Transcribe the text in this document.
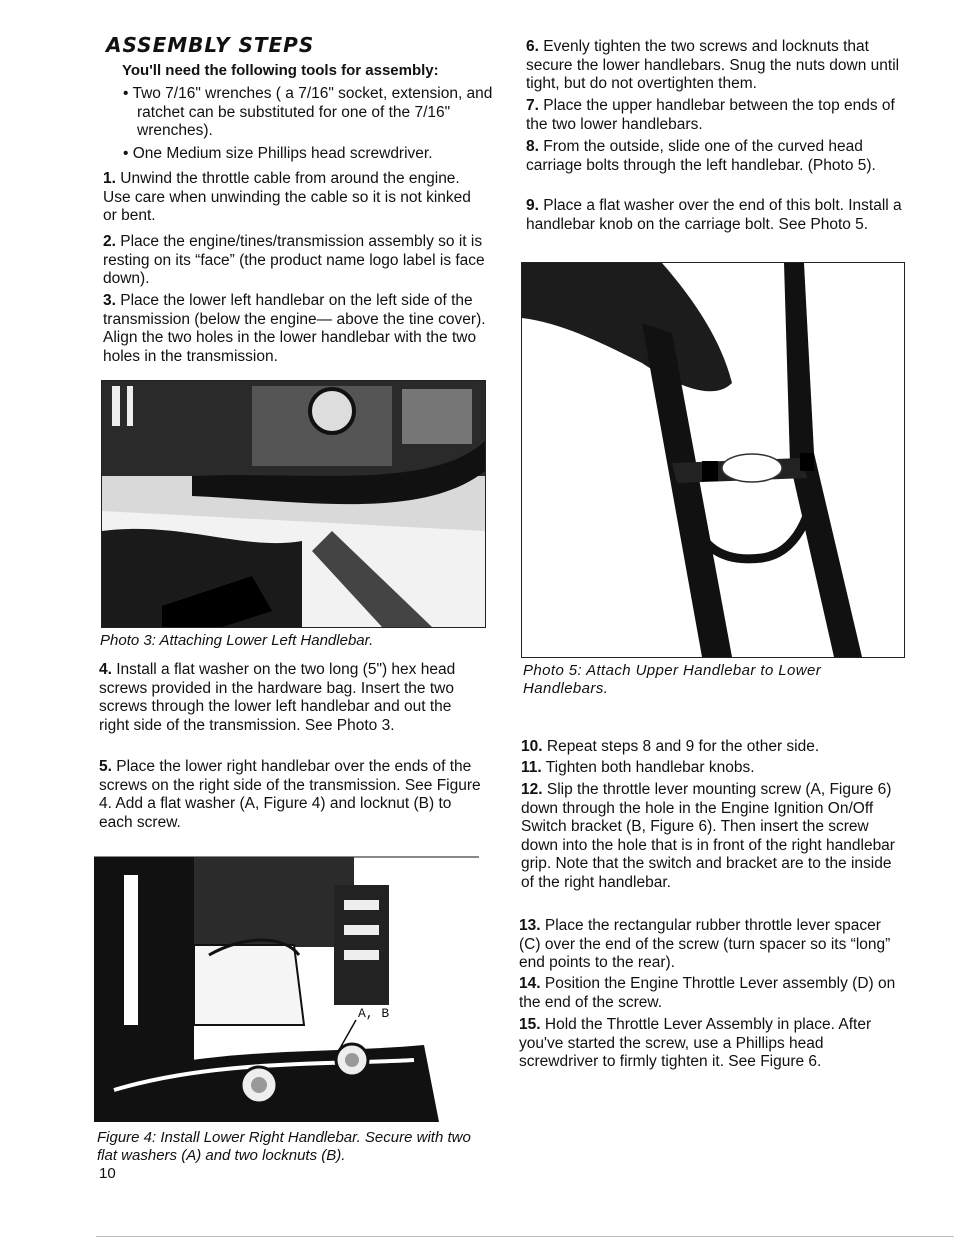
ASSEMBLY STEPS
You'll need the following tools for assembly:

• Two 7/16" wrenches ( a 7/16" socket, extension, and ratchet can be substituted for one of the 7/16" wrenches).

• One Medium size Phillips head screwdriver.

1. Unwind the throttle cable from around the engine. Use care when unwinding the cable so it is not kinked or bent.

2. Place the engine/tines/transmission assembly so it is resting on its “face” (the product name logo label is face down).

3. Place the lower left handlebar on the left side of the transmission (below the engine— above the tine cover). Align the two holes in the lower handlebar with the two holes in the transmission.

Photo 3: Attaching Lower Left Handlebar.

4. Install a flat washer on the two long (5") hex head screws provided in the hardware bag. Insert the two screws through the lower left handlebar and out the right side of the transmission. See Photo 3.

5. Place the lower right handlebar over the ends of the screws on the right side of the transmission. See Figure 4. Add a flat washer (A, Figure 4) and locknut (B) to each screw.

A, B

Figure 4: Install Lower Right Handlebar. Secure with two flat washers (A) and two locknuts (B).

10

6. Evenly tighten the two screws and locknuts that secure the lower handlebars. Snug the nuts down until tight, but do not overtighten them.

7. Place the upper handlebar between the top ends of the two lower handlebars.

8. From the outside, slide one of the curved head carriage bolts through the left handlebar. (Photo 5).

9. Place a flat washer over the end of this bolt. Install a handlebar knob on the carriage bolt. See Photo 5.

Photo 5: Attach Upper Handlebar to Lower Handlebars.

10. Repeat steps 8 and 9 for the other side.

11. Tighten both handlebar knobs.

12. Slip the throttle lever mounting screw (A, Figure 6) down through the hole in the Engine Ignition On/Off Switch bracket (B, Figure 6). Then insert the screw down into the hole that is in front of the right handlebar grip. Note that the switch and bracket are to the inside of the right handlebar.

13. Place the rectangular rubber throttle lever spacer (C) over the end of the screw (turn spacer so its “long” end points to the rear).

14. Position the Engine Throttle Lever assembly (D) on the end of the screw.

15. Hold the Throttle Lever Assembly in place. After you've started the screw, use a Phillips head screwdriver to firmly tighten it. See Figure 6.
